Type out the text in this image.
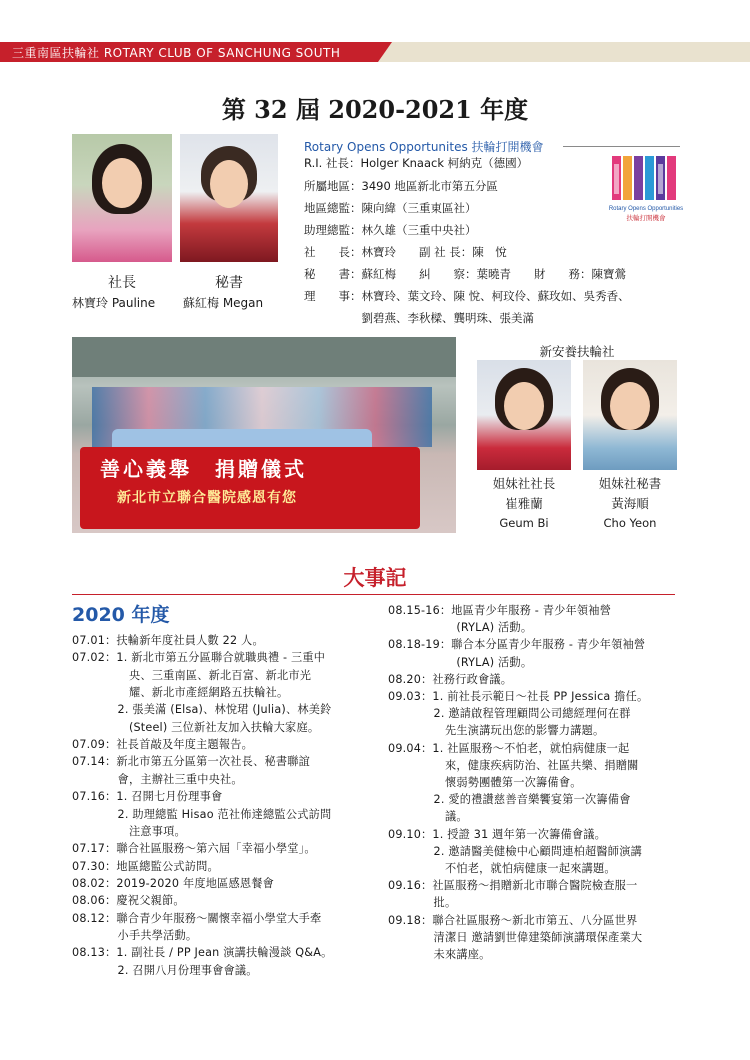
三重南區扶輪社 ROTARY CLUB OF SANCHUNG SOUTH
第 32 屆 2020-2021 年度
社長	秘書
林寶玲 Pauline 蘇紅梅 Megan
Rotary Opens Opportunites 扶輪打開機會
R.I. 社長：Holger Knaack 柯納克（德國）
所屬地區：3490 地區新北市第五分區
地區總監：陳向緯（三重東區社）
助理總監：林久雄（三重中央社）
社　　長：林寶玲　　副 社 長：陳　悅
秘　　書：蘇紅梅　　糾　　察：葉曉青　　財　　務：陳寶鶯
理　　事：林寶玲、葉文玲、陳 悅、柯玟伶、蘇玫如、吳秀香、
　　　　　劉碧燕、李秋樑、龔明珠、張美滿
Rotary Opens Opportunities
扶輪打開機會
善心義舉　捐贈儀式
新北市立聯合醫院感恩有您
新安養扶輪社
姐妹社社長
崔雅蘭
Geum Bi
姐妹社秘書
黃海順
Cho Yeon
大事記
2020 年度
07.01：扶輪新年度社員人數 22 人。
07.02：1. 新北市第五分區聯合就職典禮 - 三重中
　　　　　央、三重南區、新北百富、新北市光
　　　　　耀、新北市產經網路五扶輪社。
　　　　2. 張美滿 (Elsa)、林悅珺 (Julia)、林美鈴
　　　　　(Steel) 三位新社友加入扶輪大家庭。
07.09：社長首敲及年度主題報告。
07.14：新北市第五分區第一次社長、秘書聯誼
　　　　會，主辦社三重中央社。
07.16：1. 召開七月份理事會
　　　　2. 助理總監 Hisao 范社佈達總監公式訪問
　　　　　注意事項。
07.17：聯合社區服務～第六屆「幸福小學堂」。
07.30：地區總監公式訪問。
08.02：2019-2020 年度地區感恩餐會
08.06：慶祝父親節。
08.12：聯合青少年服務～關懷幸福小學堂大手牽
　　　　小手共學活動。
08.13：1. 副社長 / PP Jean 演講扶輪漫談 Q&A。
　　　　2. 召開八月份理事會會議。
08.15-16：地區青少年服務 - 青少年領袖營
　　　　　　(RYLA) 活動。
08.18-19：聯合本分區青少年服務 - 青少年領袖營
　　　　　　(RYLA) 活動。
08.20：社務行政會議。
09.03：1. 前社長示範日～社長 PP Jessica 擔任。
　　　　2. 邀請啟程管理顧問公司總經理何在群
　　　　　先生演講玩出您的影響力講題。
09.04：1. 社區服務～不怕老，就怕病健康一起
　　　　　來，健康疾病防治、社區共樂、捐贈關
　　　　　懷弱勢團體第一次籌備會。
　　　　2. 愛的禮讚慈善音樂饗宴第一次籌備會
　　　　　議。
09.10：1. 授證 31 週年第一次籌備會議。
　　　　2. 邀請醫美健檢中心顧問連柏超醫師演講
　　　　　不怕老，就怕病健康一起來講題。
09.16：社區服務～捐贈新北市聯合醫院檢查服一
　　　　批。
09.18：聯合社區服務～新北市第五、八分區世界
　　　　清潔日 邀請劉世偉建築師演講環保產業大
　　　　未來講座。
